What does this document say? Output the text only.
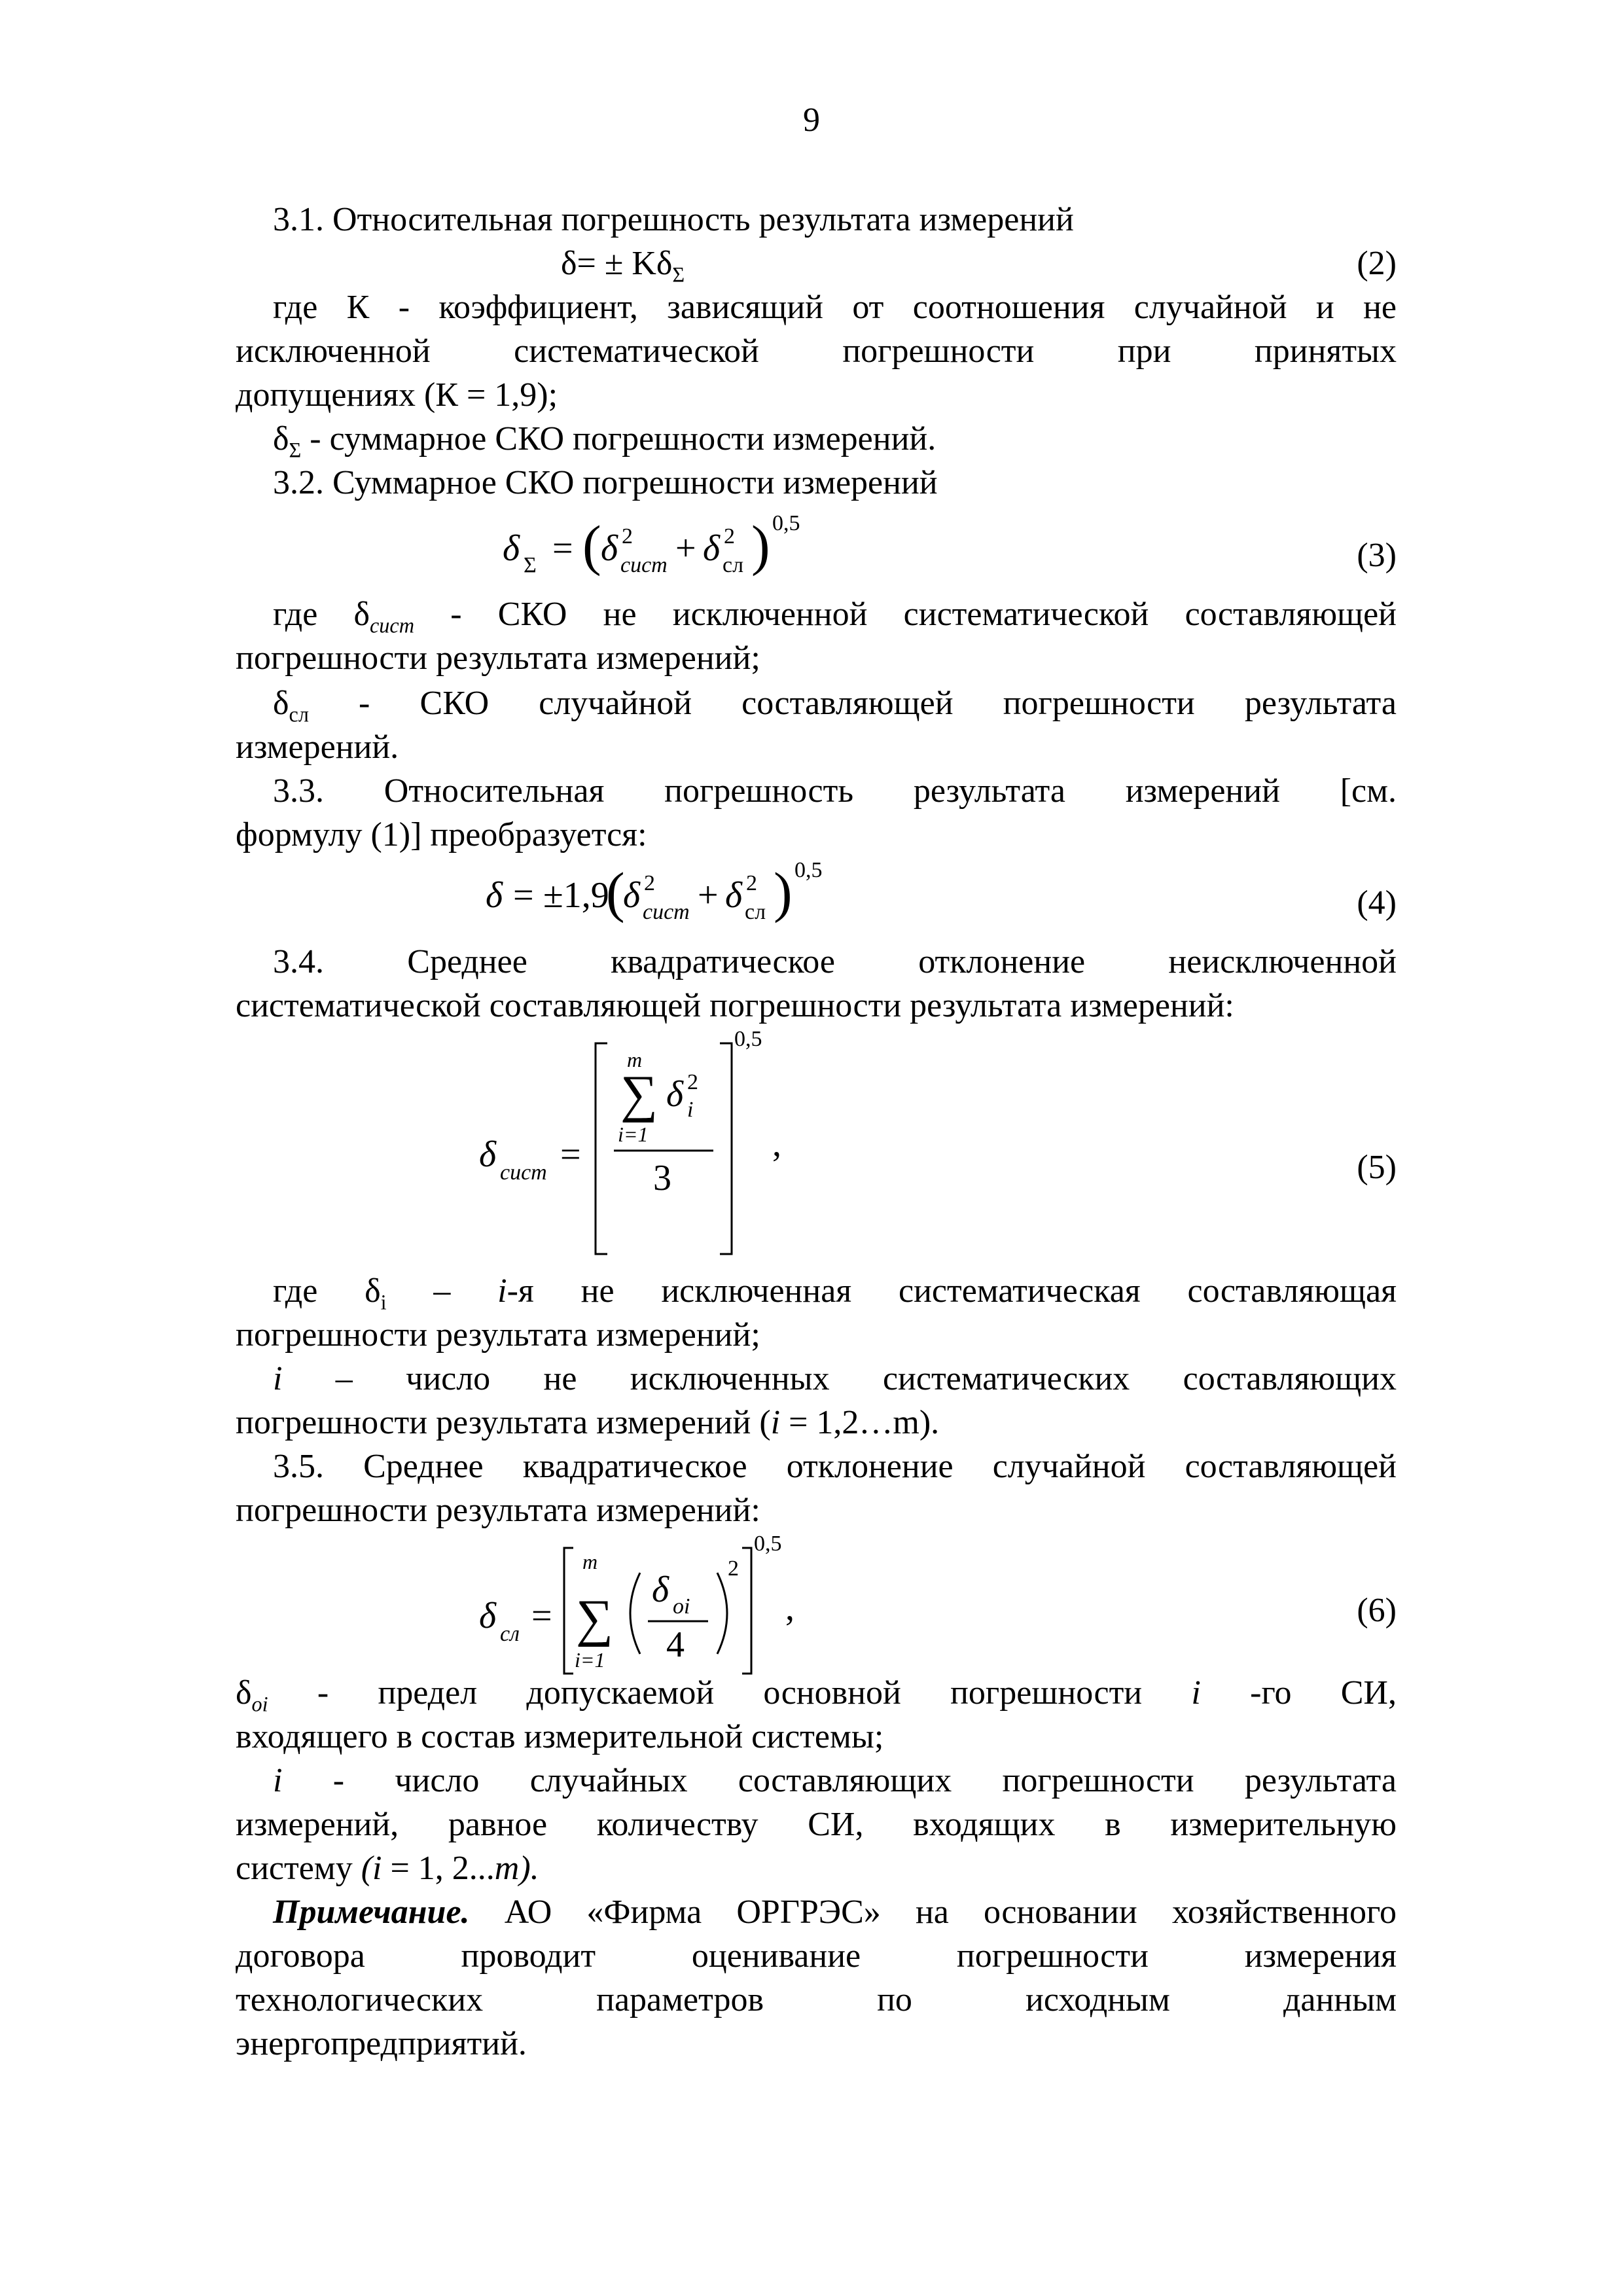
9
3.1. Относительная погрешность результата измерений
$\delta= \pm K\delta_\Sigma$	(2)
где К - коэффициент, зависящий от соотношения случайной и не
исключенной систематической погрешности при принятых
допущениях (К = 1,9);
$\delta_\Sigma$ - суммарное СКО погрешности измерений.
3.2. Суммарное СКО погрешности измерений
δ Σ = ( δ 2
сист + δ 2
сл ) 0,5
(3)
где $\delta_{сист}$ - СКО не исключенной систематической составляющей
погрешности результата измерений;
$\delta_{сл}$ - СКО случайной составляющей погрешности результата
измерений.
3.3. Относительная погрешность результата измерений [см.
формулу (1)] преобразуется:
δ = ±1,9
(
δ 2
сист + δ 2
сл ) 0,5
(4)
3.4. Среднее квадратическое отклонение неисключенной
систематической составляющей погрешности результата измерений:
δ сист =
m
∑
i=1
δ 2
i
3
0,5
,
(5)
где $\delta_i - i-я$ не исключенная систематическая составляющая
погрешности результата измерений;
i – число не исключенных систематических составляющих
погрешности результата измерений (i = 1,2…m).
3.5. Среднее квадратическое отклонение случайной составляющей
погрешности результата измерений:
δ сл =
m
∑
i=1
δ oi
4
2
0,5
,	(6)
$\delta_{oi}$ - предел допускаемой основной погрешности i -го СИ,
входящего в состав измерительной системы;
i - число случайных составляющих погрешности результата
измерений, равное количеству СИ, входящих в измерительную
систему (i = 1, 2...m).
Примечание. АО «Фирма ОРГРЭС» на основании хозяйственного
договора проводит оценивание погрешности измерения
технологических параметров по исходным данным
энергопредприятий.
